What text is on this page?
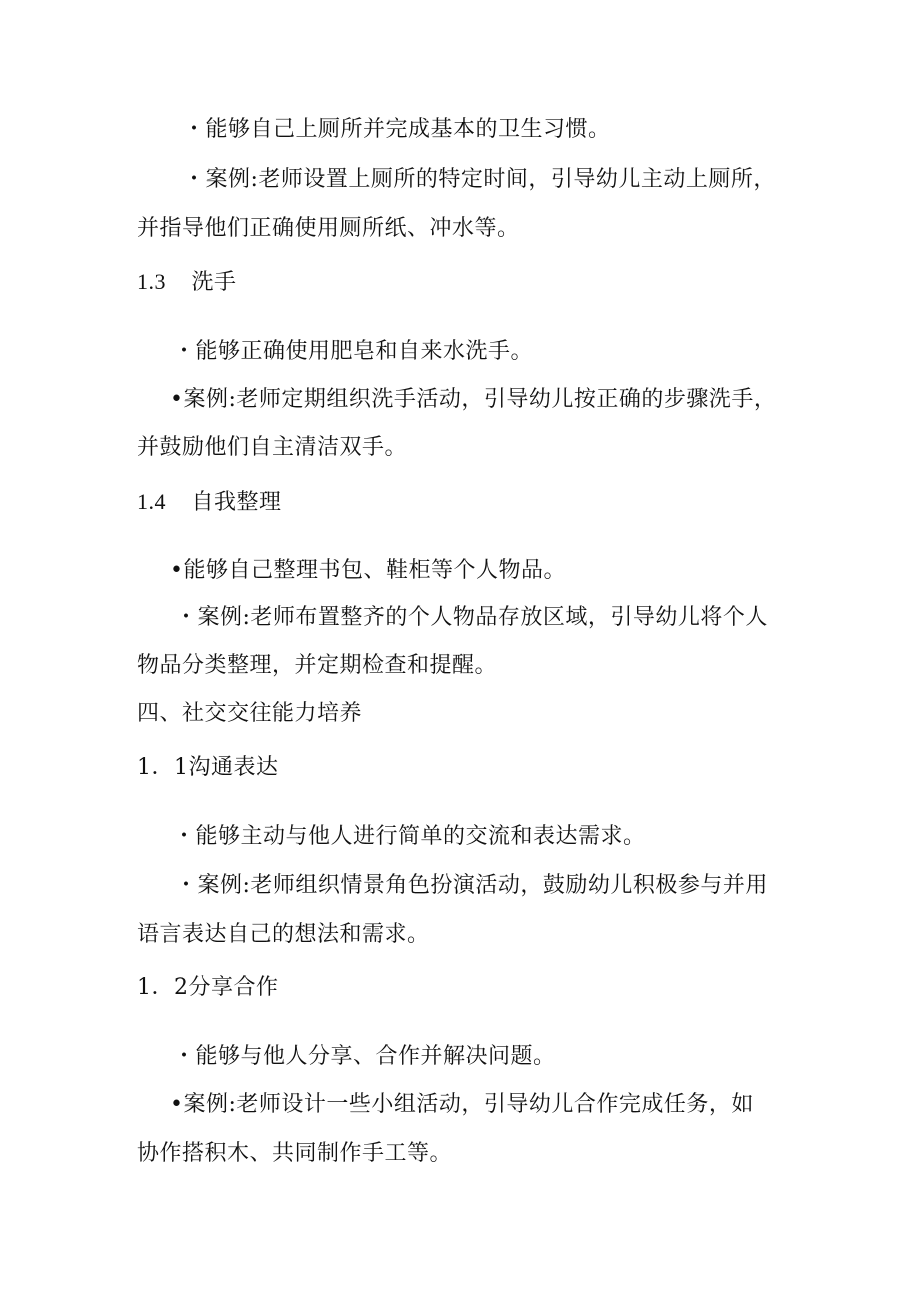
・能够自己上厕所并完成基本的卫生习惯。
・案例:老师设置上厕所的特定时间，引导幼儿主动上厕所，
并指导他们正确使用厕所纸、冲水等。
1.3 洗手
・能够正确使用肥皂和自来水洗手。
•案例:老师定期组织洗手活动，引导幼儿按正确的步骤洗手，
并鼓励他们自主清洁双手。
1.4 自我整理
•能够自己整理书包、鞋柜等个人物品。
・案例:老师布置整齐的个人物品存放区域，引导幼儿将个人
物品分类整理，并定期检查和提醒。
四、社交交往能力培养
1．1沟通表达
・能够主动与他人进行简单的交流和表达需求。
・案例:老师组织情景角色扮演活动，鼓励幼儿积极参与并用
语言表达自己的想法和需求。
1．2分享合作
・能够与他人分享、合作并解决问题。
•案例:老师设计一些小组活动，引导幼儿合作完成任务，如
协作搭积木、共同制作手工等。
